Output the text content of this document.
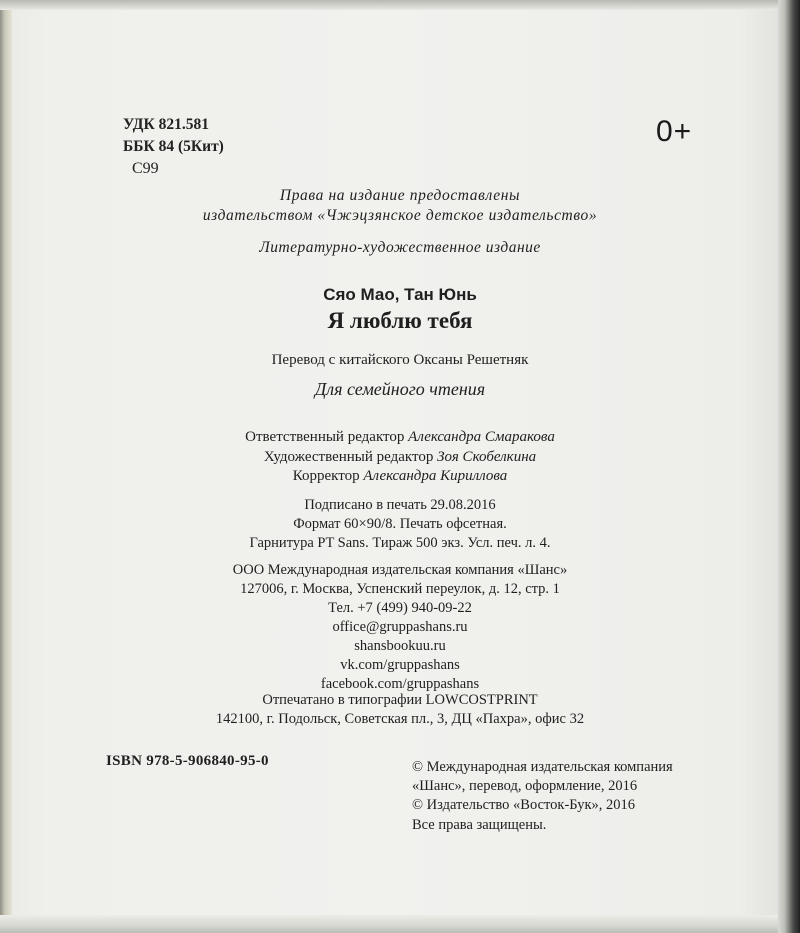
УДК 821.581
ББК 84 (5Кит)
С99
0+
Права на издание предоставлены
издательством «Чжэцзянское детское издательство»
Литературно-художественное издание
Сяо Мао, Тан Юнь
Я люблю тебя
Перевод с китайского Оксаны Решетняк
Для семейного чтения
Ответственный редактор Александра Смаракова
Художественный редактор Зоя Скобелкина
Корректор Александра Кириллова
Подписано в печать 29.08.2016
Формат 60×90/8. Печать офсетная.
Гарнитура PT Sans. Тираж 500 экз. Усл. печ. л. 4.
ООО Международная издательская компания «Шанс»
127006, г. Москва, Успенский переулок, д. 12, стр. 1
Тел. +7 (499) 940-09-22
office@gruppashans.ru
shansbookuu.ru
vk.com/gruppashans
facebook.com/gruppashans
Отпечатано в типографии LOWCOSTPRINT
142100, г. Подольск, Советская пл., 3, ДЦ «Пахра», офис 32
ISBN 978-5-906840-95-0	© Международная издательская компания
«Шанс», перевод, оформление, 2016
© Издательство «Восток-Бук», 2016
Все права защищены.
